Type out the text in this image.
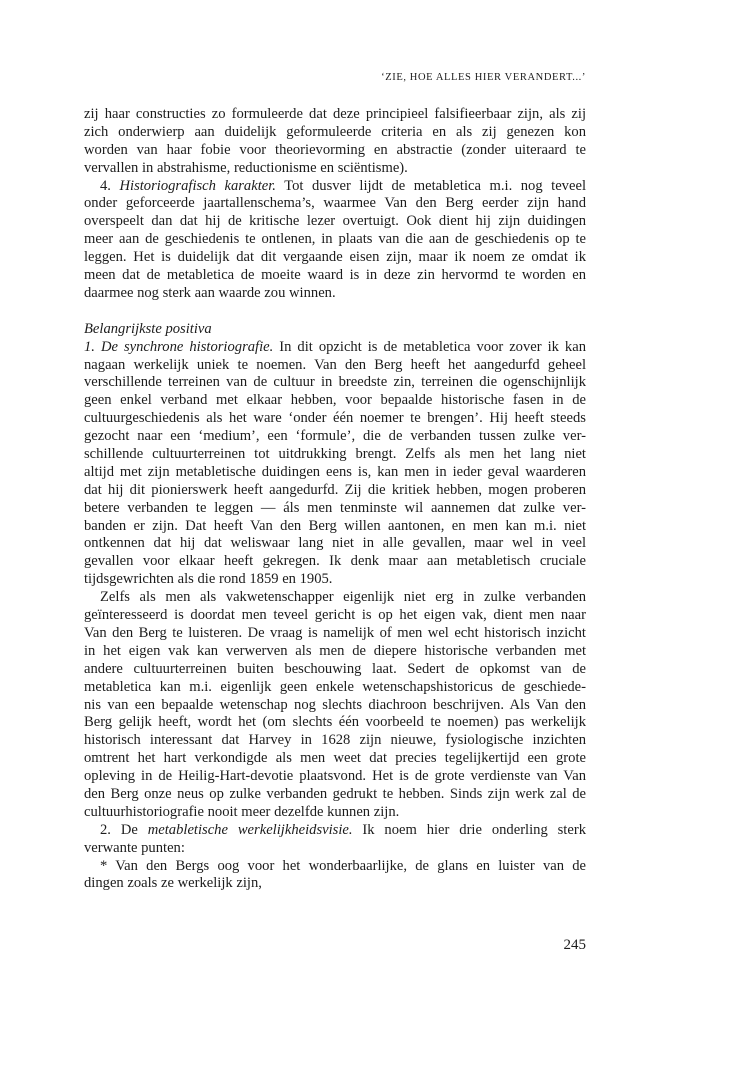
‘ZIE, HOE ALLES HIER VERANDERT...’
zij haar constructies zo formuleerde dat deze principieel falsifieerbaar zijn, als zij
zich onderwierp aan duidelijk geformuleerde criteria en als zij genezen kon
worden van haar fobie voor theorievorming en abstractie (zonder uiteraard te
vervallen in abstrahisme, reductionisme en sciëntisme).
4. Historiografisch karakter. Tot dusver lijdt de metabletica m.i. nog teveel
onder geforceerde jaartallenschema’s, waarmee Van den Berg eerder zijn hand
overspeelt dan dat hij de kritische lezer overtuigt. Ook dient hij zijn duidingen
meer aan de geschiedenis te ontlenen, in plaats van die aan de geschiedenis op te
leggen. Het is duidelijk dat dit vergaande eisen zijn, maar ik noem ze omdat ik
meen dat de metabletica de moeite waard is in deze zin hervormd te worden en
daarmee nog sterk aan waarde zou winnen.
Belangrijkste positiva
1. De synchrone historiografie. In dit opzicht is de metabletica voor zover ik kan
nagaan werkelijk uniek te noemen. Van den Berg heeft het aangedurfd geheel
verschillende terreinen van de cultuur in breedste zin, terreinen die ogenschijnlijk
geen enkel verband met elkaar hebben, voor bepaalde historische fasen in de
cultuurgeschiedenis als het ware ‘onder één noemer te brengen’. Hij heeft steeds
gezocht naar een ‘medium’, een ‘formule’, die de verbanden tussen zulke ver-
schillende cultuurterreinen tot uitdrukking brengt. Zelfs als men het lang niet
altijd met zijn metabletische duidingen eens is, kan men in ieder geval waarderen
dat hij dit pionierswerk heeft aangedurfd. Zij die kritiek hebben, mogen proberen
betere verbanden te leggen — áls men tenminste wil aannemen dat zulke ver-
banden er zijn. Dat heeft Van den Berg willen aantonen, en men kan m.i. niet
ontkennen dat hij dat weliswaar lang niet in alle gevallen, maar wel in veel
gevallen voor elkaar heeft gekregen. Ik denk maar aan metabletisch cruciale
tijdsgewrichten als die rond 1859 en 1905.
Zelfs als men als vakwetenschapper eigenlijk niet erg in zulke verbanden
geïnteresseerd is doordat men teveel gericht is op het eigen vak, dient men naar
Van den Berg te luisteren. De vraag is namelijk of men wel echt historisch inzicht
in het eigen vak kan verwerven als men de diepere historische verbanden met
andere cultuurterreinen buiten beschouwing laat. Sedert de opkomst van de
metabletica kan m.i. eigenlijk geen enkele wetenschapshistoricus de geschiede-
nis van een bepaalde wetenschap nog slechts diachroon beschrijven. Als Van den
Berg gelijk heeft, wordt het (om slechts één voorbeeld te noemen) pas werkelijk
historisch interessant dat Harvey in 1628 zijn nieuwe, fysiologische inzichten
omtrent het hart verkondigde als men weet dat precies tegelijkertijd een grote
opleving in de Heilig-Hart-devotie plaatsvond. Het is de grote verdienste van Van
den Berg onze neus op zulke verbanden gedrukt te hebben. Sinds zijn werk zal de
cultuurhistoriografie nooit meer dezelfde kunnen zijn.
2. De metabletische werkelijkheidsvisie. Ik noem hier drie onderling sterk
verwante punten:
* Van den Bergs oog voor het wonderbaarlijke, de glans en luister van de
dingen zoals ze werkelijk zijn,
245
